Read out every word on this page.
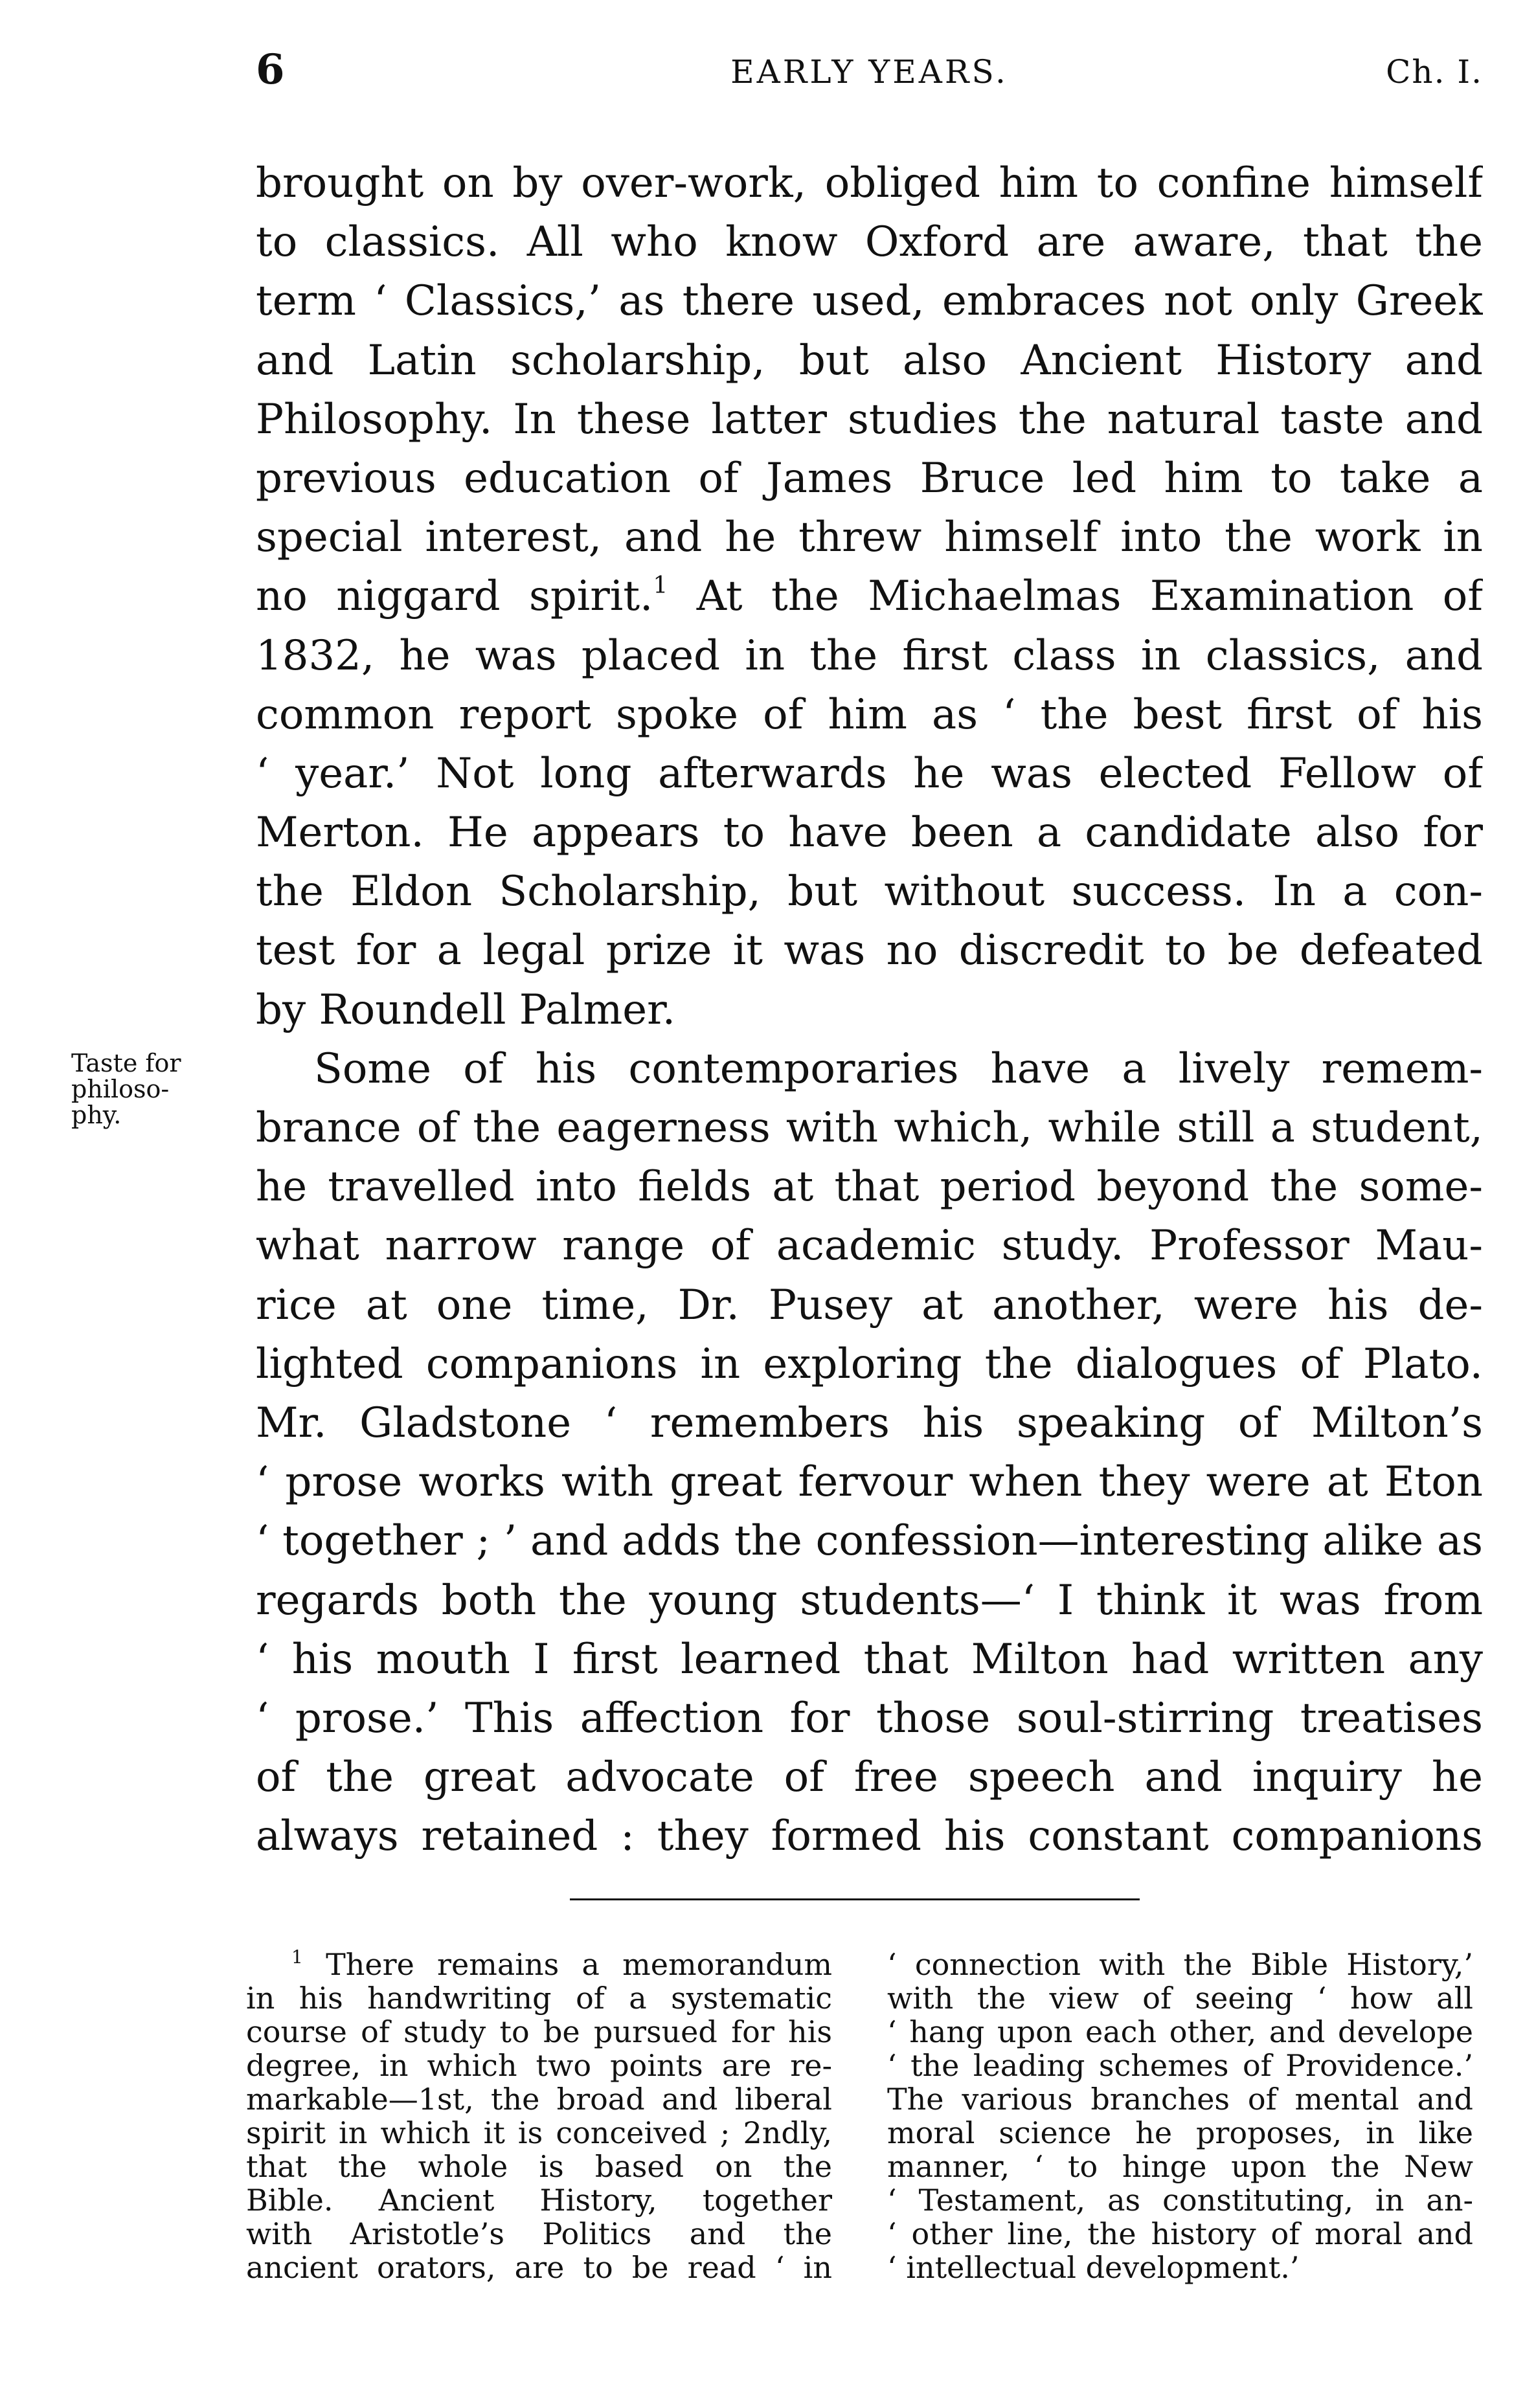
6	EARLY YEARS.	Ch. I.
Taste for
philoso-
phy.
brought on by over-work, obliged him to confine himself
to classics. All who know Oxford are aware, that the
term ‘ Classics,’ as there used, embraces not only Greek
and Latin scholarship, but also Ancient History and
Philosophy. In these latter studies the natural taste and
previous education of James Bruce led him to take a
special interest, and he threw himself into the work in
no niggard spirit.$^1$ At the Michaelmas Examination of
1832, he was placed in the first class in classics, and
common report spoke of him as ‘ the best first of his
‘ year.’ Not long afterwards he was elected Fellow of
Merton. He appears to have been a candidate also for
the Eldon Scholarship, but without success. In a con-
test for a legal prize it was no discredit to be defeated
by Roundell Palmer.
Some of his contemporaries have a lively remem-
brance of the eagerness with which, while still a student,
he travelled into fields at that period beyond the some-
what narrow range of academic study. Professor Mau-
rice at one time, Dr. Pusey at another, were his de-
lighted companions in exploring the dialogues of Plato.
Mr. Gladstone ‘ remembers his speaking of Milton’s
‘ prose works with great fervour when they were at Eton
‘ together ; ’ and adds the confession—interesting alike as
regards both the young students—‘ I think it was from
‘ his mouth I first learned that Milton had written any
‘ prose.’ This affection for those soul-stirring treatises
of the great advocate of free speech and inquiry he
always retained : they formed his constant companions
$^1$ There remains a memorandum
in his handwriting of a systematic
course of study to be pursued for his
degree, in which two points are re-
markable—1st, the broad and liberal
spirit in which it is conceived ; 2ndly,
that the whole is based on the
Bible. Ancient History, together
with Aristotle’s Politics and the
ancient orators, are to be read ‘ in
‘ connection with the Bible History,’
with the view of seeing ‘ how all
‘ hang upon each other, and develope
‘ the leading schemes of Providence.’
The various branches of mental and
moral science he proposes, in like
manner, ‘ to hinge upon the New
‘ Testament, as constituting, in an-
‘ other line, the history of moral and
‘ intellectual development.’
